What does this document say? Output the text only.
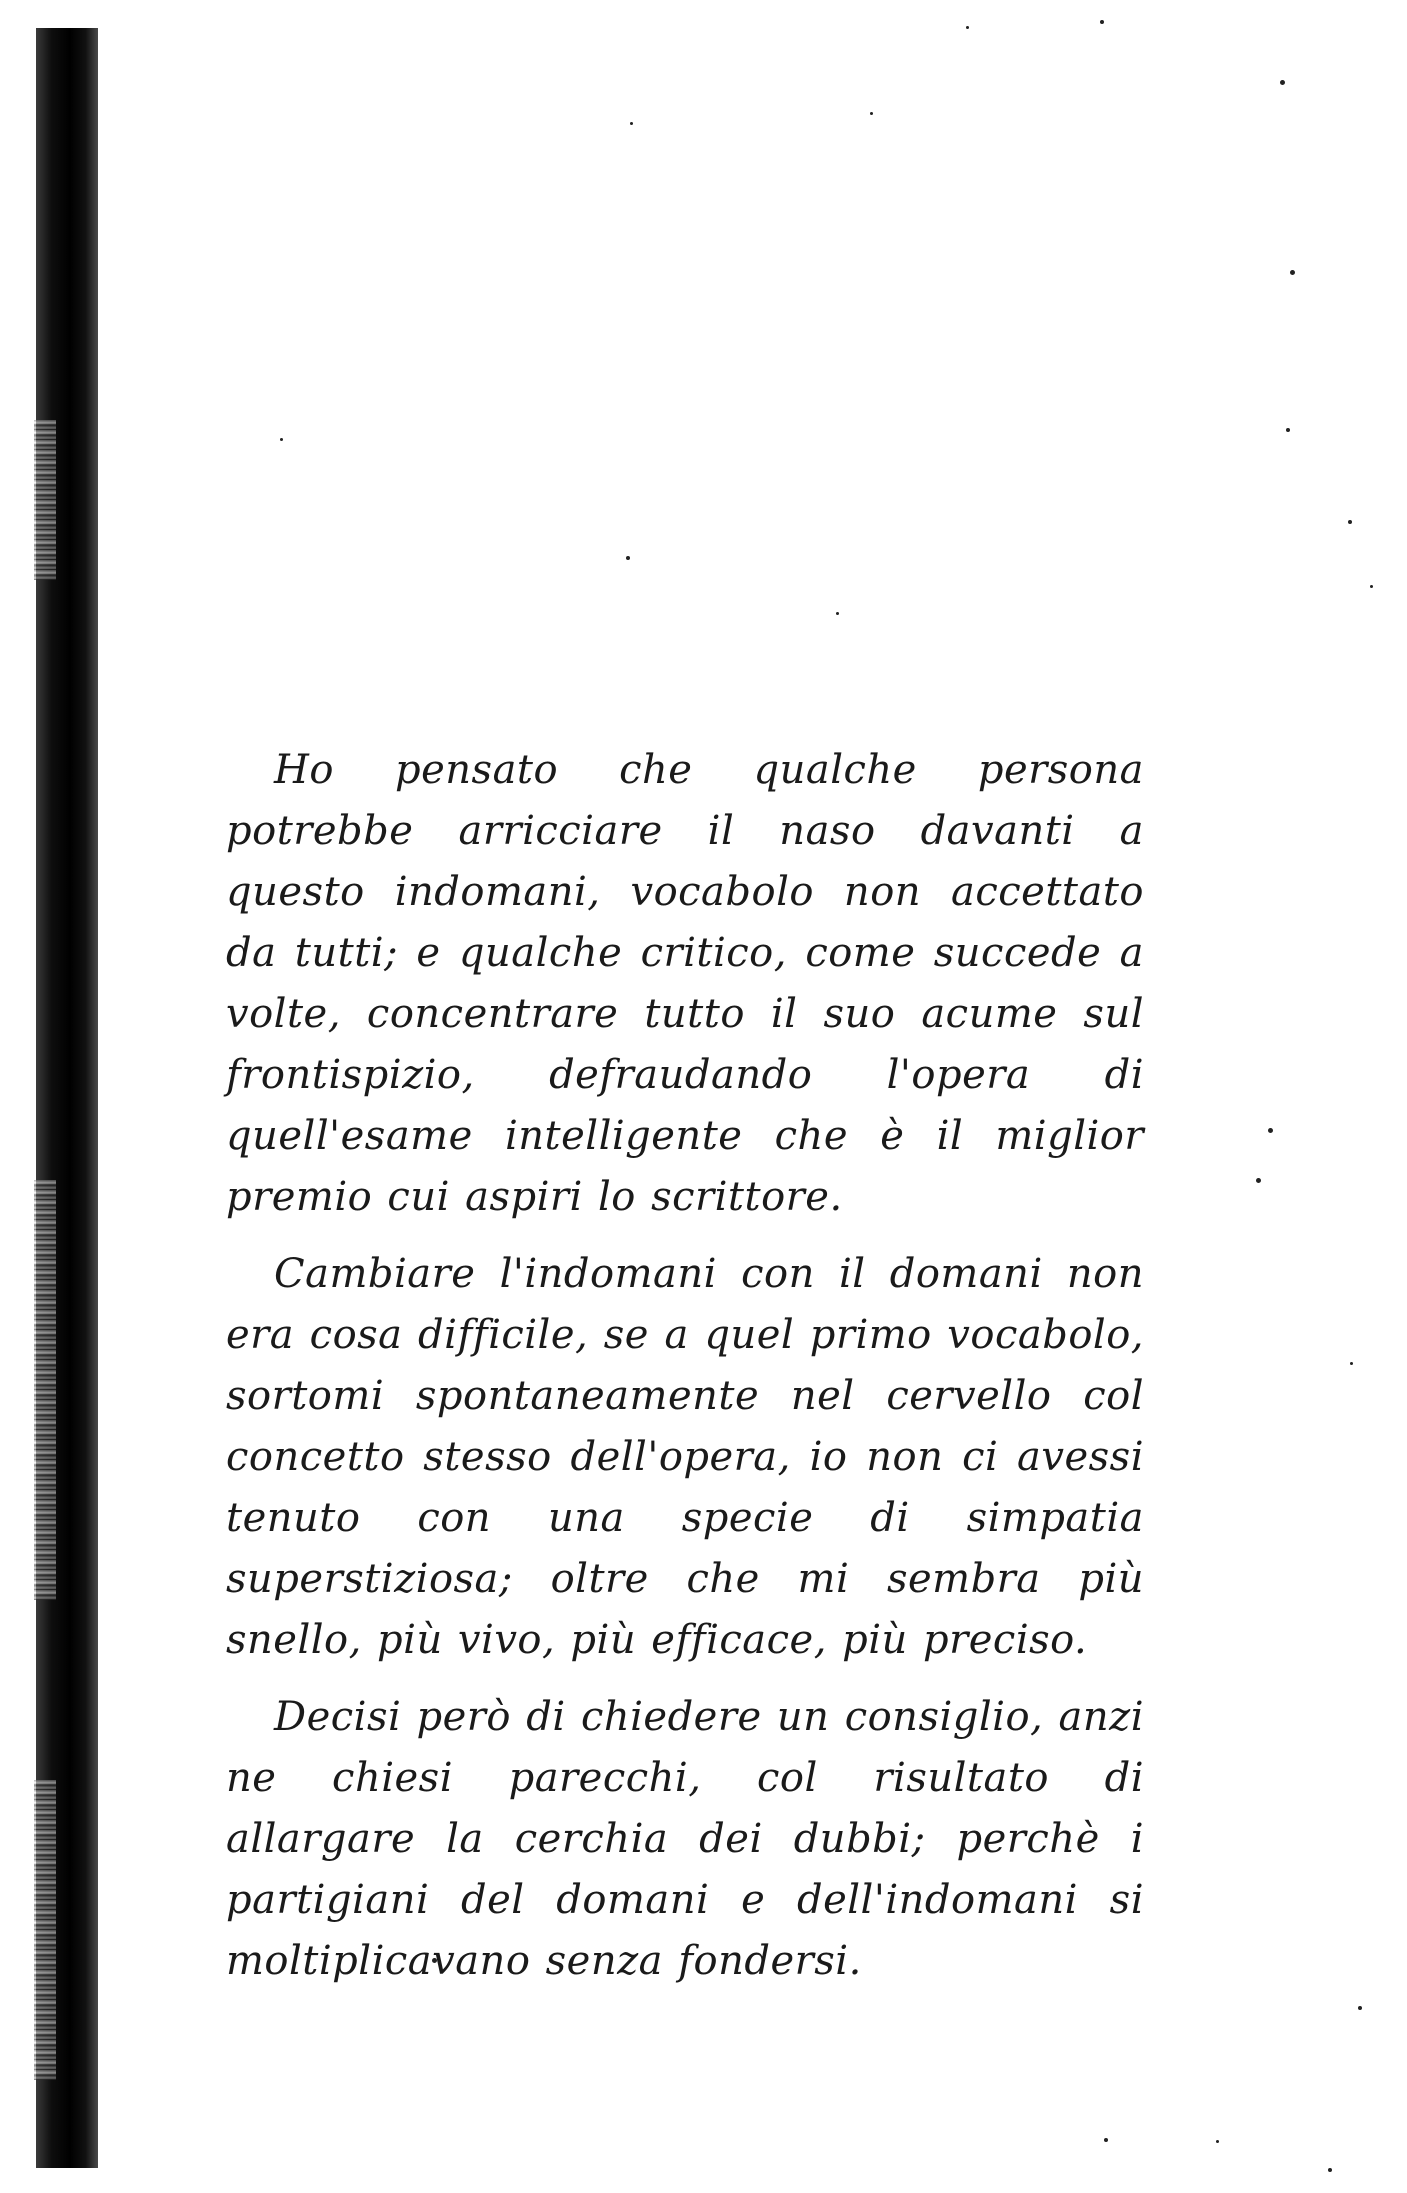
Ho pensato che qualche persona potrebbe arricciare il naso davanti a questo indomani, vocabolo non accettato da tutti; e qualche critico, come succede a volte, concentrare tutto il suo acume sul frontispizio, defraudando l'opera di quell'esame intelligente che è il miglior premio cui aspiri lo scrittore.

Cambiare l'indomani con il domani non era cosa difficile, se a quel primo vocabolo, sortomi spontaneamente nel cervello col concetto stesso dell'opera, io non ci avessi tenuto con una specie di simpatia superstiziosa; oltre che mi sembra più snello, più vivo, più efficace, più preciso.

Decisi però di chiedere un consiglio, anzi ne chiesi parecchi, col risultato di allargare la cerchia dei dubbi; perchè i partigiani del domani e dell'indomani si moltiplicavano senza fondersi.
